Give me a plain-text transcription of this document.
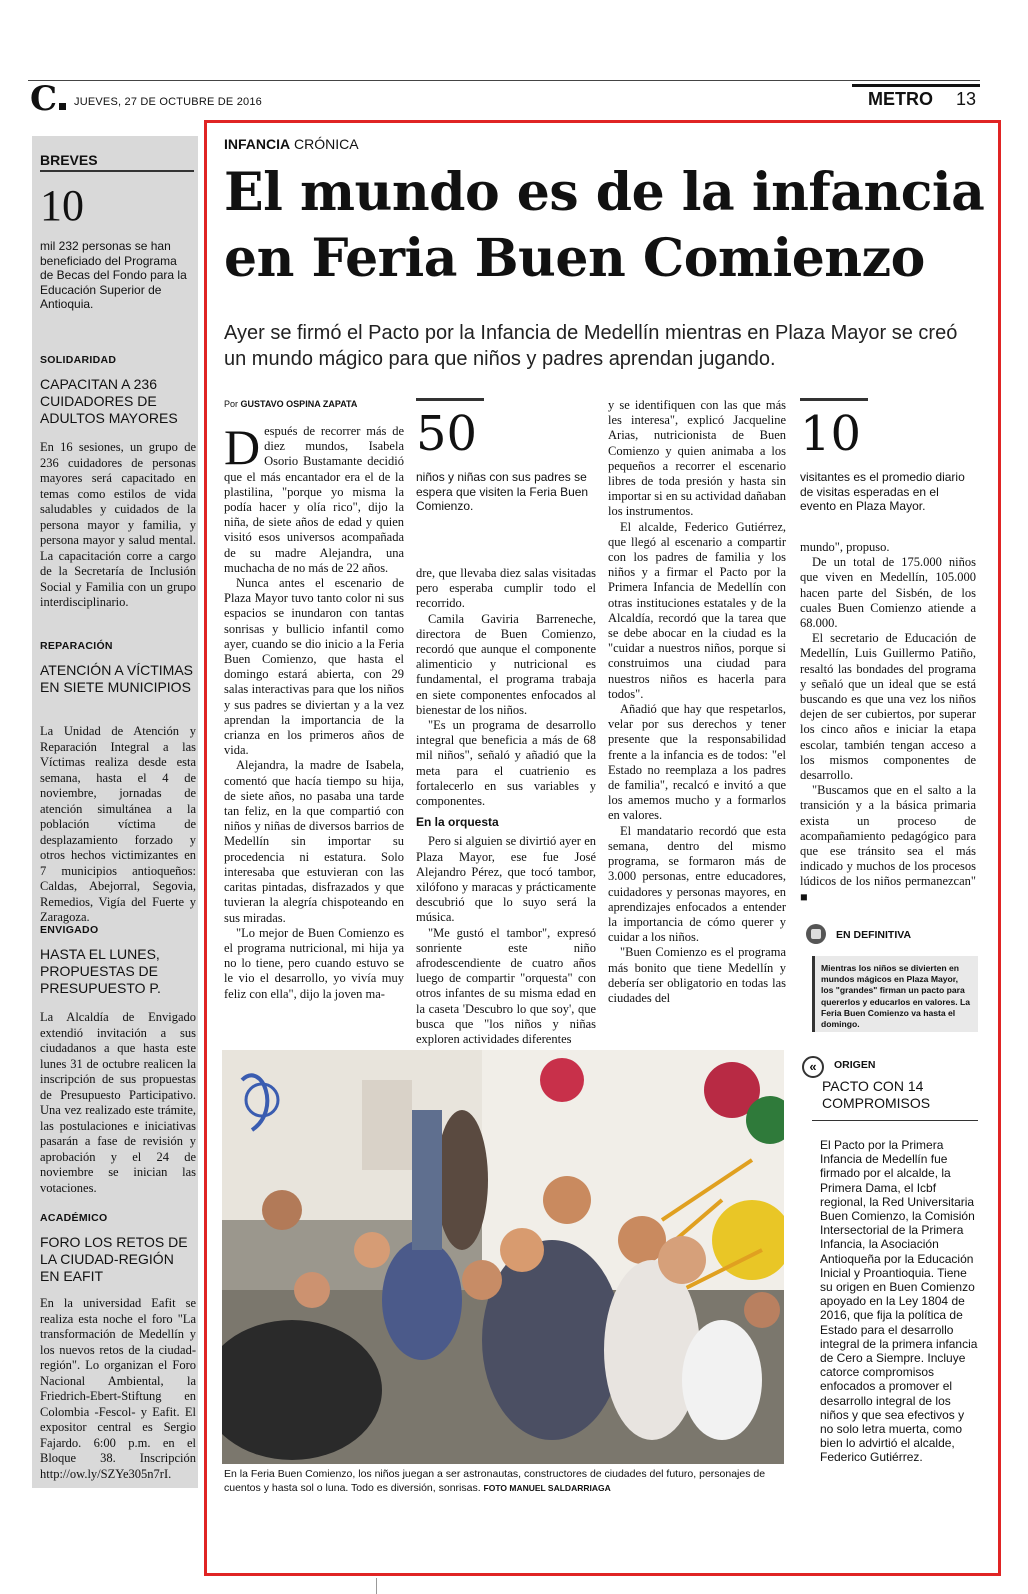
C	JUEVES, 27 DE OCTUBRE DE 2016	METRO 13
BREVES
10
mil 232 personas se han beneficiado del Programa de Becas del Fondo para la Educación Superior de Antioquia.
SOLIDARIDAD
CAPACITAN A 236 CUIDADORES DE ADULTOS MAYORES
En 16 sesiones, un grupo de 236 cuidadores de personas mayores será capacitado en temas como estilos de vida saludables y cuidados de la persona mayor y familia, y persona mayor y salud mental. La capacitación corre a cargo de la Secretaría de Inclusión Social y Familia con un grupo interdisciplinario.
REPARACIÓN
ATENCIÓN A VÍCTIMAS EN SIETE MUNICIPIOS
La Unidad de Atención y Reparación Integral a las Víctimas realiza desde esta semana, hasta el 4 de noviembre, jornadas de atención simultánea a la población víctima de desplazamiento forzado y otros hechos victimizantes en 7 municipios antioqueños: Caldas, Abejorral, Segovia, Remedios, Vigía del Fuerte y Zaragoza.
ENVIGADO
HASTA EL LUNES, PROPUESTAS DE PRESUPUESTO P.
La Alcaldía de Envigado extendió invitación a sus ciudadanos a que hasta este lunes 31 de octubre realicen la inscripción de sus propuestas de Presupuesto Participativo. Una vez realizado este trámite, las postulaciones e iniciativas pasarán a fase de revisión y aprobación y el 24 de noviembre se inician las votaciones.
ACADÉMICO
FORO LOS RETOS DE LA CIUDAD-REGIÓN EN EAFIT
En la universidad Eafit se realiza esta noche el foro "La transformación de Medellín y los nuevos retos de la ciudad-región". Lo organizan el Foro Nacional Ambiental, la Friedrich-Ebert-Stiftung en Colombia -Fescol- y Eafit. El expositor central es Sergio Fajardo. 6:00 p.m. en el Bloque 38. Inscripción http://ow.ly/SZYe305n7rI.
INFANCIA CRÓNICA
El mundo es de la infancia en Feria Buen Comienzo
Ayer se firmó el Pacto por la Infancia de Medellín mientras en Plaza Mayor se creó un mundo mágico para que niños y padres aprendan jugando.
Por GUSTAVO OSPINA ZAPATA
D espués de recorrer más de diez mundos, Isabela Osorio Bustamante decidió que el más encantador era el de la plastilina, "porque yo misma la podía hacer y olía rico", dijo la niña, de siete años de edad y quien visitó esos universos acompañada de su madre Alejandra, una muchacha de no más de 22 años.

Nunca antes el escenario de Plaza Mayor tuvo tanto color ni sus espacios se inundaron con tantas sonrisas y bullicio infantil como ayer, cuando se dio inicio a la Feria Buen Comienzo, que hasta el domingo estará abierta, con 29 salas interactivas para que los niños y sus padres se diviertan y a la vez aprendan la importancia de la crianza en los primeros años de vida.

Alejandra, la madre de Isabela, comentó que hacía tiempo su hija, de siete años, no pasaba una tarde tan feliz, en la que compartió con niños y niñas de diversos barrios de Medellín sin importar su procedencia ni estatura. Solo interesaba que estuvieran con las caritas pintadas, disfrazados y que tuvieran la alegría chispoteando en sus miradas.

"Lo mejor de Buen Comienzo es el programa nutricional, mi hija ya no lo tiene, pero cuando estuvo se le vio el desarrollo, yo vivía muy feliz con ella", dijo la joven ma-

50
niños y niñas con sus padres se espera que visiten la Feria Buen Comienzo.

dre, que llevaba diez salas visitadas pero esperaba cumplir todo el recorrido.

Camila Gaviria Barreneche, directora de Buen Comienzo, recordó que aunque el componente alimenticio y nutricional es fundamental, el programa trabaja en siete componentes enfocados al bienestar de los niños.

"Es un programa de desarrollo integral que beneficia a más de 68 mil niños", señaló y añadió que la meta para el cuatrienio es fortalecerlo en sus variables y componentes.

En la orquesta

Pero si alguien se divirtió ayer en Plaza Mayor, ese fue José Alejandro Pérez, que tocó tambor, xilófono y maracas y prácticamente descubrió que lo suyo será la música.

"Me gustó el tambor", expresó sonriente este niño afrodescendiente de cuatro años luego de compartir "orquesta" con otros infantes de su misma edad en la caseta 'Descubro lo que soy', que busca que "los niños y niñas exploren actividades diferentes

y se identifiquen con las que más les interesa", explicó Jacqueline Arias, nutricionista de Buen Comienzo y quien animaba a los pequeños a recorrer el escenario libres de toda presión y hasta sin importar si en su actividad dañaban los instrumentos.

El alcalde, Federico Gutiérrez, que llegó al escenario a compartir con los padres de familia y los niños y a firmar el Pacto por la Primera Infancia de Medellín con otras instituciones estatales y de la Alcaldía, recordó que la tarea que se debe abocar en la ciudad es la "cuidar a nuestros niños, porque si construimos una ciudad para nuestros niños es hacerla para todos".

Añadió que hay que respetarlos, velar por sus derechos y tener presente que la responsabilidad frente a la infancia es de todos: "el Estado no reemplaza a los padres de familia", recalcó e invitó a que los amemos mucho y a formarlos en valores.

El mandatario recordó que esta semana, dentro del mismo programa, se formaron más de 3.000 personas, entre educadores, cuidadores y personas mayores, en aprendizajes enfocados a entender la importancia de cómo querer y cuidar a los niños.

"Buen Comienzo es el programa más bonito que tiene Medellín y debería ser obligatorio en todas las ciudades del

10
visitantes es el promedio diario de visitas esperadas en el evento en Plaza Mayor.

mundo", propuso.

De un total de 175.000 niños que viven en Medellín, 105.000 hacen parte del Sisbén, de los cuales Buen Comienzo atiende a 68.000.

El secretario de Educación de Medellín, Luis Guillermo Patiño, resaltó las bondades del programa y señaló que un ideal que se está buscando es que una vez los niños dejen de ser cubiertos, por superar los cinco años e iniciar la etapa escolar, también tengan acceso a los mismos componentes de desarrollo.

"Buscamos que en el salto a la transición y a la básica primaria exista un proceso de acompañamiento pedagógico para que ese tránsito sea el más indicado y muchos de los procesos lúdicos de los niños permanezcan" ■

EN DEFINITIVA
Mientras los niños se divierten en mundos mágicos en Plaza Mayor, los "grandes" firman un pacto para quererlos y educarlos en valores. La Feria Buen Comienzo va hasta el domingo.
«	ORIGEN
PACTO CON 14 COMPROMISOS
El Pacto por la Primera Infancia de Medellín fue firmado por el alcalde, la Primera Dama, el Icbf regional, la Red Universitaria Buen Comienzo, la Comisión Intersectorial de la Primera Infancia, la Asociación Antioqueña por la Educación Inicial y Proantioquia. Tiene su origen en Buen Comienzo apoyado en la Ley 1804 de 2016, que fija la política de Estado para el desarrollo integral de la primera infancia de Cero a Siempre. Incluye catorce compromisos enfocados a promover el desarrollo integral de los niños y que sea efectivos y no solo letra muerta, como bien lo advirtió el alcalde, Federico Gutiérrez.
En la Feria Buen Comienzo, los niños juegan a ser astronautas, constructores de ciudades del futuro, personajes de cuentos y hasta sol o luna. Todo es diversión, sonrisas. FOTO MANUEL SALDARRIAGA
